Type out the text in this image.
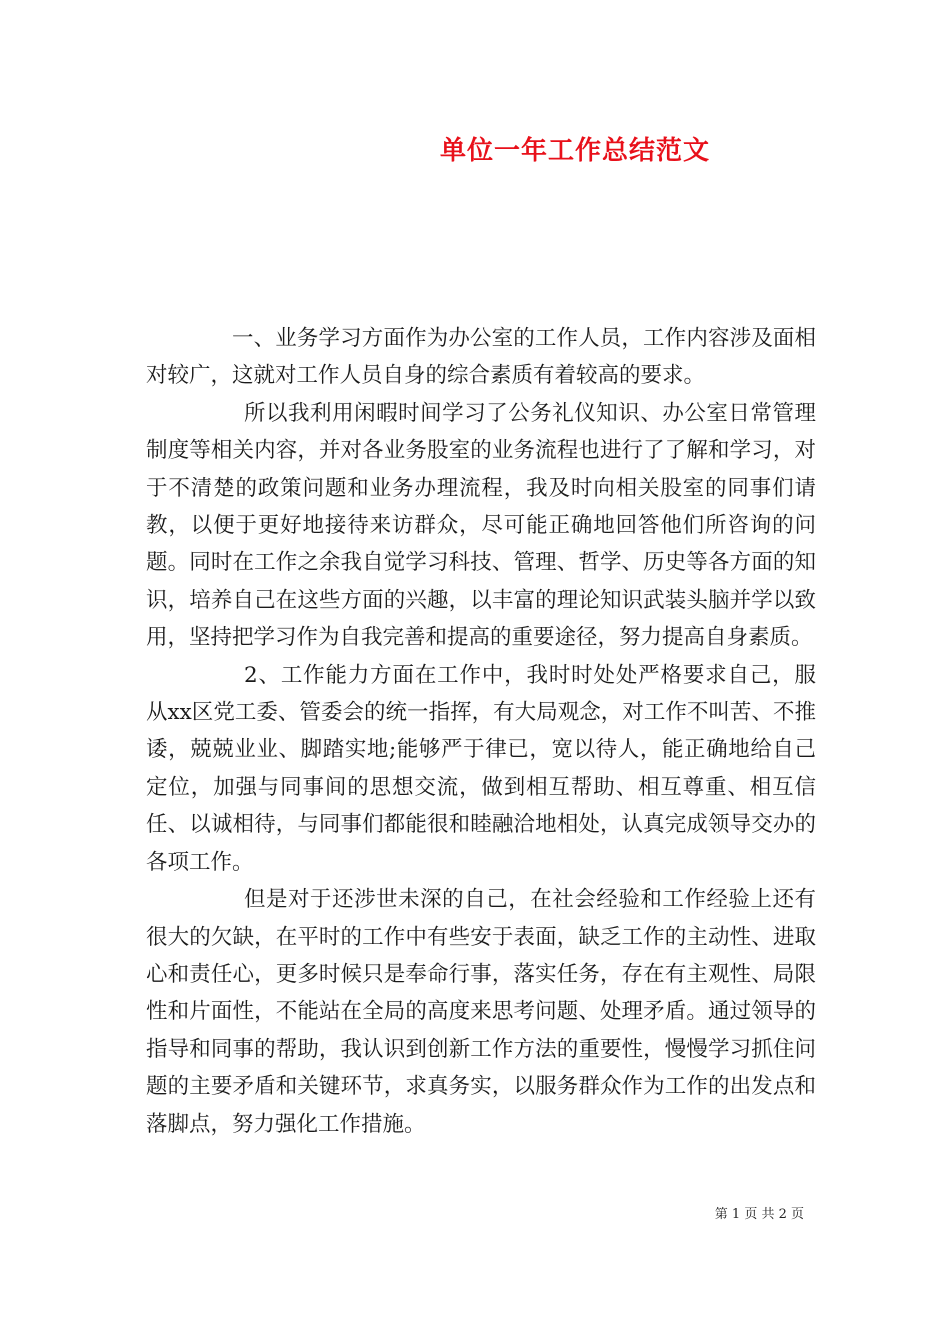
单位一年工作总结范文

一、业务学习方面作为办公室的工作人员，工作内容涉及面相对较广，这就对工作人员自身的综合素质有着较高的要求。

所以我利用闲暇时间学习了公务礼仪知识、办公室日常管理制度等相关内容，并对各业务股室的业务流程也进行了了解和学习，对于不清楚的政策问题和业务办理流程，我及时向相关股室的同事们请教，以便于更好地接待来访群众，尽可能正确地回答他们所咨询的问题。同时在工作之余我自觉学习科技、管理、哲学、历史等各方面的知识，培养自己在这些方面的兴趣，以丰富的理论知识武装头脑并学以致用，坚持把学习作为自我完善和提高的重要途径，努力提高自身素质。

2、工作能力方面在工作中，我时时处处严格要求自己，服从xx区党工委、管委会的统一指挥，有大局观念，对工作不叫苦、不推诿，兢兢业业、脚踏实地;能够严于律已，宽以待人，能正确地给自己定位，加强与同事间的思想交流，做到相互帮助、相互尊重、相互信任、以诚相待，与同事们都能很和睦融洽地相处，认真完成领导交办的各项工作。

但是对于还涉世未深的自己，在社会经验和工作经验上还有很大的欠缺，在平时的工作中有些安于表面，缺乏工作的主动性、进取心和责任心，更多时候只是奉命行事，落实任务，存在有主观性、局限性和片面性，不能站在全局的高度来思考问题、处理矛盾。通过领导的指导和同事的帮助，我认识到创新工作方法的重要性，慢慢学习抓住问题的主要矛盾和关键环节，求真务实，以服务群众作为工作的出发点和落脚点，努力强化工作措施。

第 1 页 共 2 页
